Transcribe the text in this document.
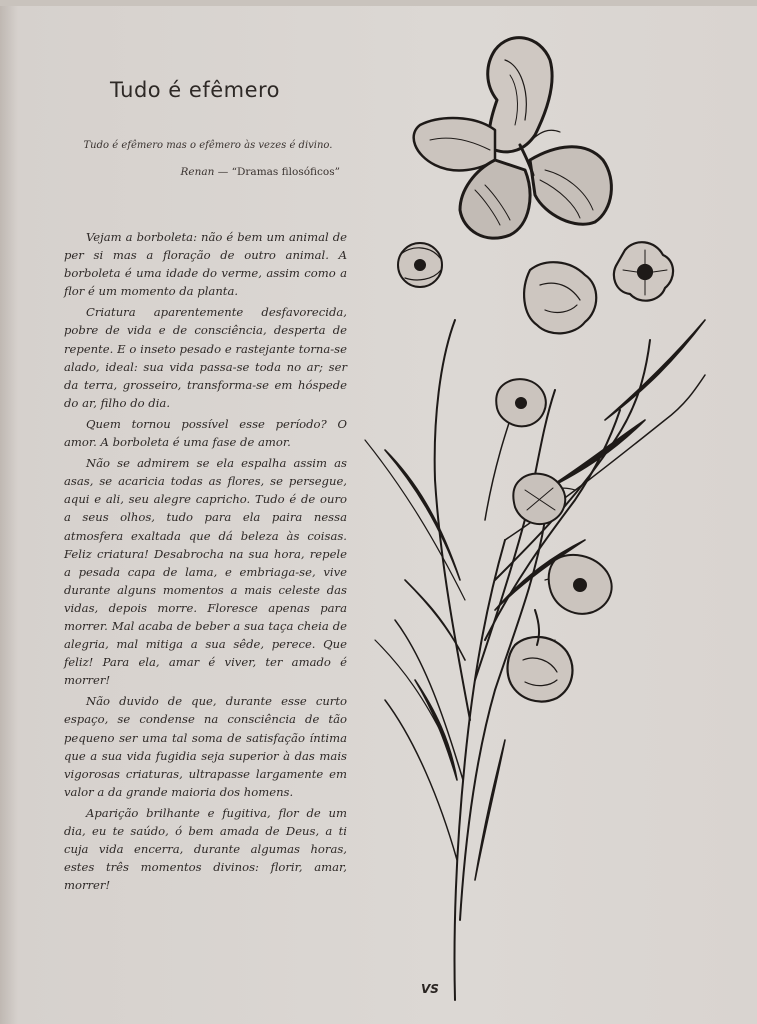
Tudo é efêmero

Tudo é efêmero mas o efêmero às vezes é divino.

Renan — “Dramas filosóficos”

Vejam a borboleta: não é bem um animal de per si mas a floração de outro animal. A borboleta é uma idade do verme, assim como a flor é um momento da planta.

Criatura aparentemente desfavorecida, pobre de vida e de consciência, desperta de repente. E o inseto pesado e rastejante torna-se alado, ideal: sua vida passa-se toda no ar; ser da terra, grosseiro, transforma-se em hóspede do ar, filho do dia.

Quem tornou possível esse período? O amor. A borboleta é uma fase de amor.

Não se admirem se ela espalha assim as asas, se acaricia todas as flores, se persegue, aqui e ali, seu alegre capricho. Tudo é de ouro a seus olhos, tudo para ela paira nessa atmosfera exaltada que dá beleza às coisas. Feliz criatura! Desabrocha na sua hora, repele a pesada capa de lama, e embriaga-se, vive durante alguns momentos a mais celeste das vidas, depois morre. Floresce apenas para morrer. Mal acaba de beber a sua taça cheia de alegria, mal mitiga a sua sêde, perece. Que feliz! Para ela, amar é viver, ter amado é morrer!

Não duvido de que, durante esse curto espaço, se condense na consciência de tão pequeno ser uma tal soma de satisfação íntima que a sua vida fugidia seja superior à das mais vigorosas criaturas, ultrapasse largamente em valor a da grande maioria dos homens.

Aparição brilhante e fugitiva, flor de um dia, eu te saúdo, ó bem amada de Deus, a ti cuja vida encerra, durante algumas horas, estes três momentos divinos: florir, amar, morrer!

VS
